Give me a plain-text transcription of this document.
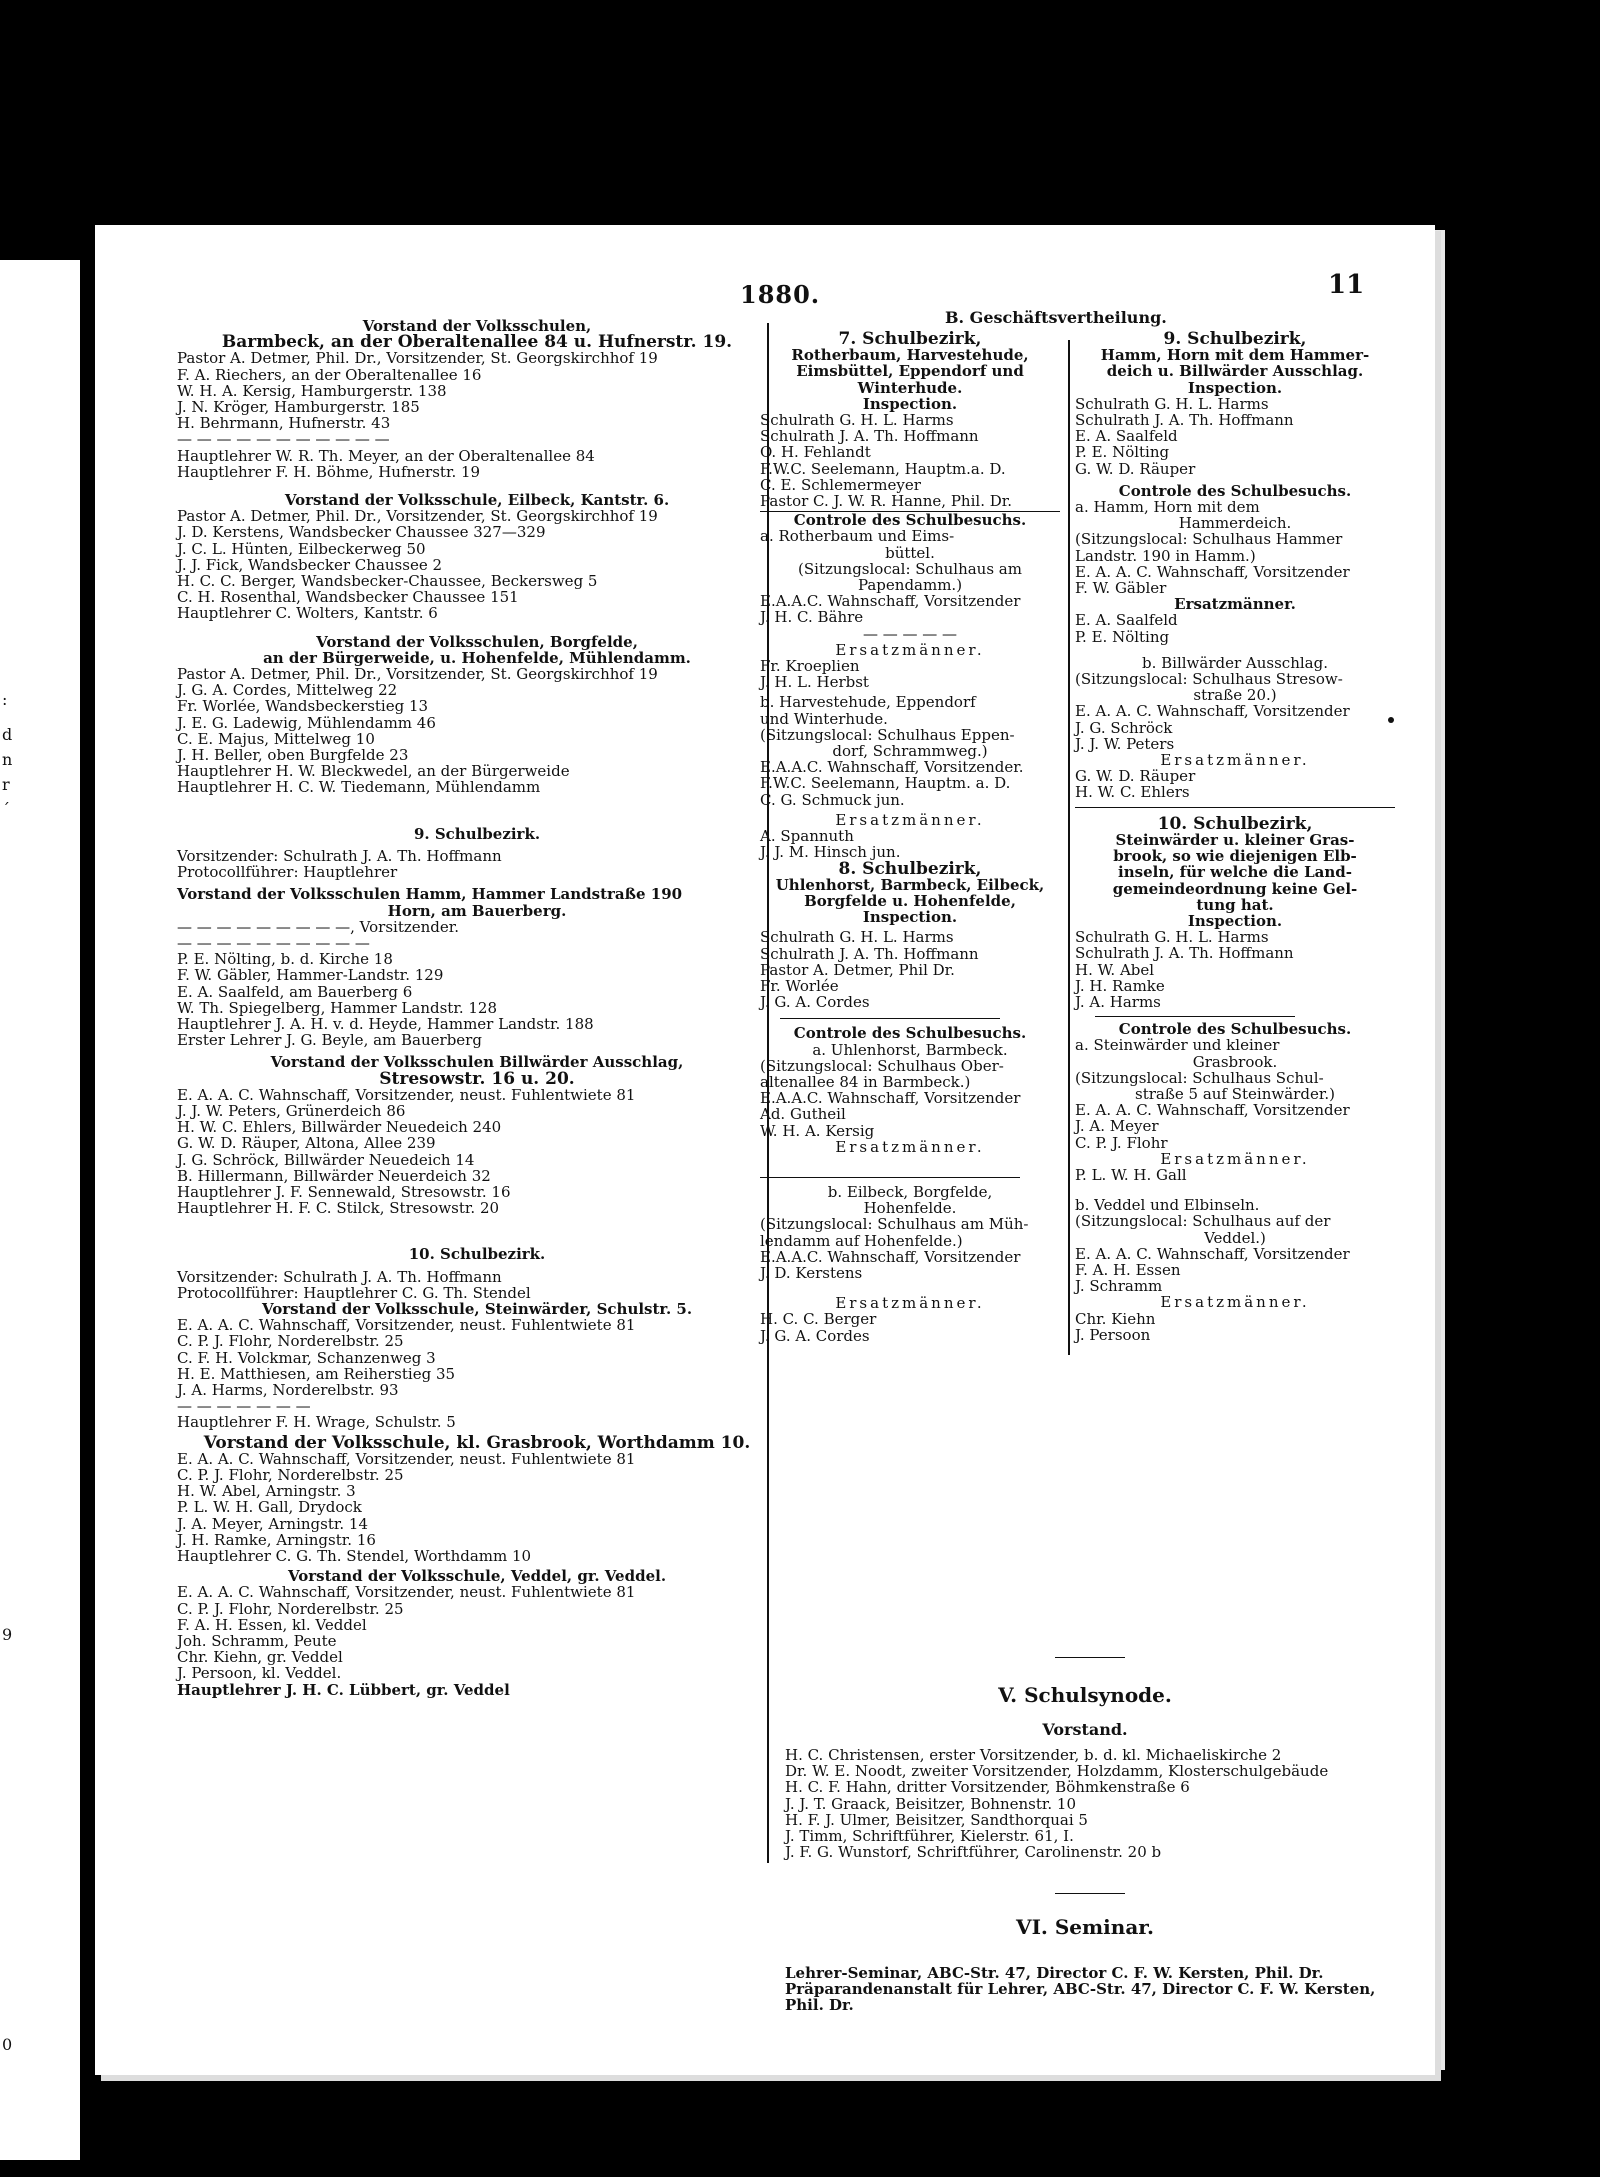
:
d
n
r
´
9
0
1880.	11
Vorstand der Volksschulen,
Barmbeck, an der Oberaltenallee 84 u. Hufnerstr. 19.
Pastor A. Detmer, Phil. Dr., Vorsitzender, St. Georgskirchhof 19
F. A. Riechers, an der Oberaltenallee 16
W. H. A. Kersig, Hamburgerstr. 138
J. N. Kröger, Hamburgerstr. 185
H. Behrmann, Hufnerstr. 43
— — — — — — — — — — —
Hauptlehrer W. R. Th. Meyer, an der Oberaltenallee 84
Hauptlehrer F. H. Böhme, Hufnerstr. 19
Vorstand der Volksschule, Eilbeck, Kantstr. 6.
Pastor A. Detmer, Phil. Dr., Vorsitzender, St. Georgskirchhof 19
J. D. Kerstens, Wandsbecker Chaussee 327—329
J. C. L. Hünten, Eilbeckerweg 50
J. J. Fick, Wandsbecker Chaussee 2
H. C. C. Berger, Wandsbecker-Chaussee, Beckersweg 5
C. H. Rosenthal, Wandsbecker Chaussee 151
Hauptlehrer C. Wolters, Kantstr. 6
Vorstand der Volksschulen, Borgfelde,
an der Bürgerweide, u. Hohenfelde, Mühlendamm.
Pastor A. Detmer, Phil. Dr., Vorsitzender, St. Georgskirchhof 19
J. G. A. Cordes, Mittelweg 22
Fr. Worlée, Wandsbeckerstieg 13
J. E. G. Ladewig, Mühlendamm 46
C. E. Majus, Mittelweg 10
J. H. Beller, oben Burgfelde 23
Hauptlehrer H. W. Bleckwedel, an der Bürgerweide
Hauptlehrer H. C. W. Tiedemann, Mühlendamm
9. Schulbezirk.
Vorsitzender: Schulrath J. A. Th. Hoffmann
Protocollführer: Hauptlehrer
Vorstand der Volksschulen Hamm, Hammer Landstraße 190
Horn, am Bauerberg.
— — — — — — — — —, Vorsitzender.
— — — — — — — — — —
P. E. Nölting, b. d. Kirche 18
F. W. Gäbler, Hammer-Landstr. 129
E. A. Saalfeld, am Bauerberg 6
W. Th. Spiegelberg, Hammer Landstr. 128
Hauptlehrer J. A. H. v. d. Heyde, Hammer Landstr. 188
Erster Lehrer J. G. Beyle, am Bauerberg
Vorstand der Volksschulen Billwärder Ausschlag,
Stresowstr. 16 u. 20.
E. A. A. C. Wahnschaff, Vorsitzender, neust. Fuhlentwiete 81
J. J. W. Peters, Grünerdeich 86
H. W. C. Ehlers, Billwärder Neuedeich 240
G. W. D. Räuper, Altona, Allee 239
J. G. Schröck, Billwärder Neuedeich 14
B. Hillermann, Billwärder Neuerdeich 32
Hauptlehrer J. F. Sennewald, Stresowstr. 16
Hauptlehrer H. F. C. Stilck, Stresowstr. 20
10. Schulbezirk.
Vorsitzender: Schulrath J. A. Th. Hoffmann
Protocollführer: Hauptlehrer C. G. Th. Stendel
Vorstand der Volksschule, Steinwärder, Schulstr. 5.
E. A. A. C. Wahnschaff, Vorsitzender, neust. Fuhlentwiete 81
C. P. J. Flohr, Norderelbstr. 25
C. F. H. Volckmar, Schanzenweg 3
H. E. Matthiesen, am Reiherstieg 35
J. A. Harms, Norderelbstr. 93
— — — — — — —
Hauptlehrer F. H. Wrage, Schulstr. 5
Vorstand der Volksschule, kl. Grasbrook, Worthdamm 10.
E. A. A. C. Wahnschaff, Vorsitzender, neust. Fuhlentwiete 81
C. P. J. Flohr, Norderelbstr. 25
H. W. Abel, Arningstr. 3
P. L. W. H. Gall, Drydock
J. A. Meyer, Arningstr. 14
J. H. Ramke, Arningstr. 16
Hauptlehrer C. G. Th. Stendel, Worthdamm 10
Vorstand der Volksschule, Veddel, gr. Veddel.
E. A. A. C. Wahnschaff, Vorsitzender, neust. Fuhlentwiete 81
C. P. J. Flohr, Norderelbstr. 25
F. A. H. Essen, kl. Veddel
Joh. Schramm, Peute
Chr. Kiehn, gr. Veddel
J. Persoon, kl. Veddel.
Hauptlehrer J. H. C. Lübbert, gr. Veddel
B. Geschäftsvertheilung.
7. Schulbezirk,
Rotherbaum, Harvestehude,
Eimsbüttel, Eppendorf und
Winterhude.
Inspection.
Schulrath G. H. L. Harms
Schulrath J. A. Th. Hoffmann
O. H. Fehlandt
F.W.C. Seelemann, Hauptm.a. D.
C. E. Schlemermeyer
Pastor C. J. W. R. Hanne, Phil. Dr.
Controle des Schulbesuchs.
a. Rotherbaum und Eims-
büttel.
(Sitzungslocal: Schulhaus am
Papendamm.)
E.A.A.C. Wahnschaff, Vorsitzender
J. H. C. Bähre
— — — — —
Ersatzmänner.
Fr. Kroeplien
J. H. L. Herbst
b. Harvestehude, Eppendorf
und Winterhude.
(Sitzungslocal: Schulhaus Eppen-
dorf, Schrammweg.)
E.A.A.C. Wahnschaff, Vorsitzender.
F.W.C. Seelemann, Hauptm. a. D.
C. G. Schmuck jun.
Ersatzmänner.
A. Spannuth
J. J. M. Hinsch jun.
8. Schulbezirk,
Uhlenhorst, Barmbeck, Eilbeck,
Borgfelde u. Hohenfelde,
Inspection.
Schulrath G. H. L. Harms
Schulrath J. A. Th. Hoffmann
Pastor A. Detmer, Phil Dr.
Fr. Worlée
J. G. A. Cordes
Controle des Schulbesuchs.
a. Uhlenhorst, Barmbeck.
(Sitzungslocal: Schulhaus Ober-
altenallee 84 in Barmbeck.)
E.A.A.C. Wahnschaff, Vorsitzender
Ad. Gutheil
W. H. A. Kersig
Ersatzmänner.
b. Eilbeck, Borgfelde,
Hohenfelde.
(Sitzungslocal: Schulhaus am Müh-
lendamm auf Hohenfelde.)
E.A.A.C. Wahnschaff, Vorsitzender
J. D. Kerstens
Ersatzmänner.
H. C. C. Berger
J. G. A. Cordes
9. Schulbezirk,
Hamm, Horn mit dem Hammer-
deich u. Billwärder Ausschlag.
Inspection.
Schulrath G. H. L. Harms
Schulrath J. A. Th. Hoffmann
E. A. Saalfeld
P. E. Nölting
G. W. D. Räuper
Controle des Schulbesuchs.
a. Hamm, Horn mit dem
Hammerdeich.
(Sitzungslocal: Schulhaus Hammer
Landstr. 190 in Hamm.)
E. A. A. C. Wahnschaff, Vorsitzender
F. W. Gäbler
Ersatzmänner.
E. A. Saalfeld
P. E. Nölting
b. Billwärder Ausschlag.
(Sitzungslocal: Schulhaus Stresow-
straße 20.)
E. A. A. C. Wahnschaff, Vorsitzender
J. G. Schröck
J. J. W. Peters
Ersatzmänner.
G. W. D. Räuper
H. W. C. Ehlers
10. Schulbezirk,
Steinwärder u. kleiner Gras-
brook, so wie diejenigen Elb-
inseln, für welche die Land-
gemeindeordnung keine Gel-
tung hat.
Inspection.
Schulrath G. H. L. Harms
Schulrath J. A. Th. Hoffmann
H. W. Abel
J. H. Ramke
J. A. Harms
Controle des Schulbesuchs.
a. Steinwärder und kleiner
Grasbrook.
(Sitzungslocal: Schulhaus Schul-
straße 5 auf Steinwärder.)
E. A. A. C. Wahnschaff, Vorsitzender
J. A. Meyer
C. P. J. Flohr
Ersatzmänner.
P. L. W. H. Gall
b. Veddel und Elbinseln.
(Sitzungslocal: Schulhaus auf der
Veddel.)
E. A. A. C. Wahnschaff, Vorsitzender
F. A. H. Essen
J. Schramm
Ersatzmänner.
Chr. Kiehn
J. Persoon
V. Schulsynode.
Vorstand.
H. C. Christensen, erster Vorsitzender, b. d. kl. Michaeliskirche 2
Dr. W. E. Noodt, zweiter Vorsitzender, Holzdamm, Klosterschulgebäude
H. C. F. Hahn, dritter Vorsitzender, Böhmkenstraße 6
J. J. T. Graack, Beisitzer, Bohnenstr. 10
H. F. J. Ulmer, Beisitzer, Sandthorquai 5
J. Timm, Schriftführer, Kielerstr. 61, I.
J. F. G. Wunstorf, Schriftführer, Carolinenstr. 20 b
VI. Seminar.
Lehrer-Seminar, ABC-Str. 47, Director C. F. W. Kersten, Phil. Dr.
Präparandenanstalt für Lehrer, ABC-Str. 47, Director C. F. W. Kersten,
Phil. Dr.
